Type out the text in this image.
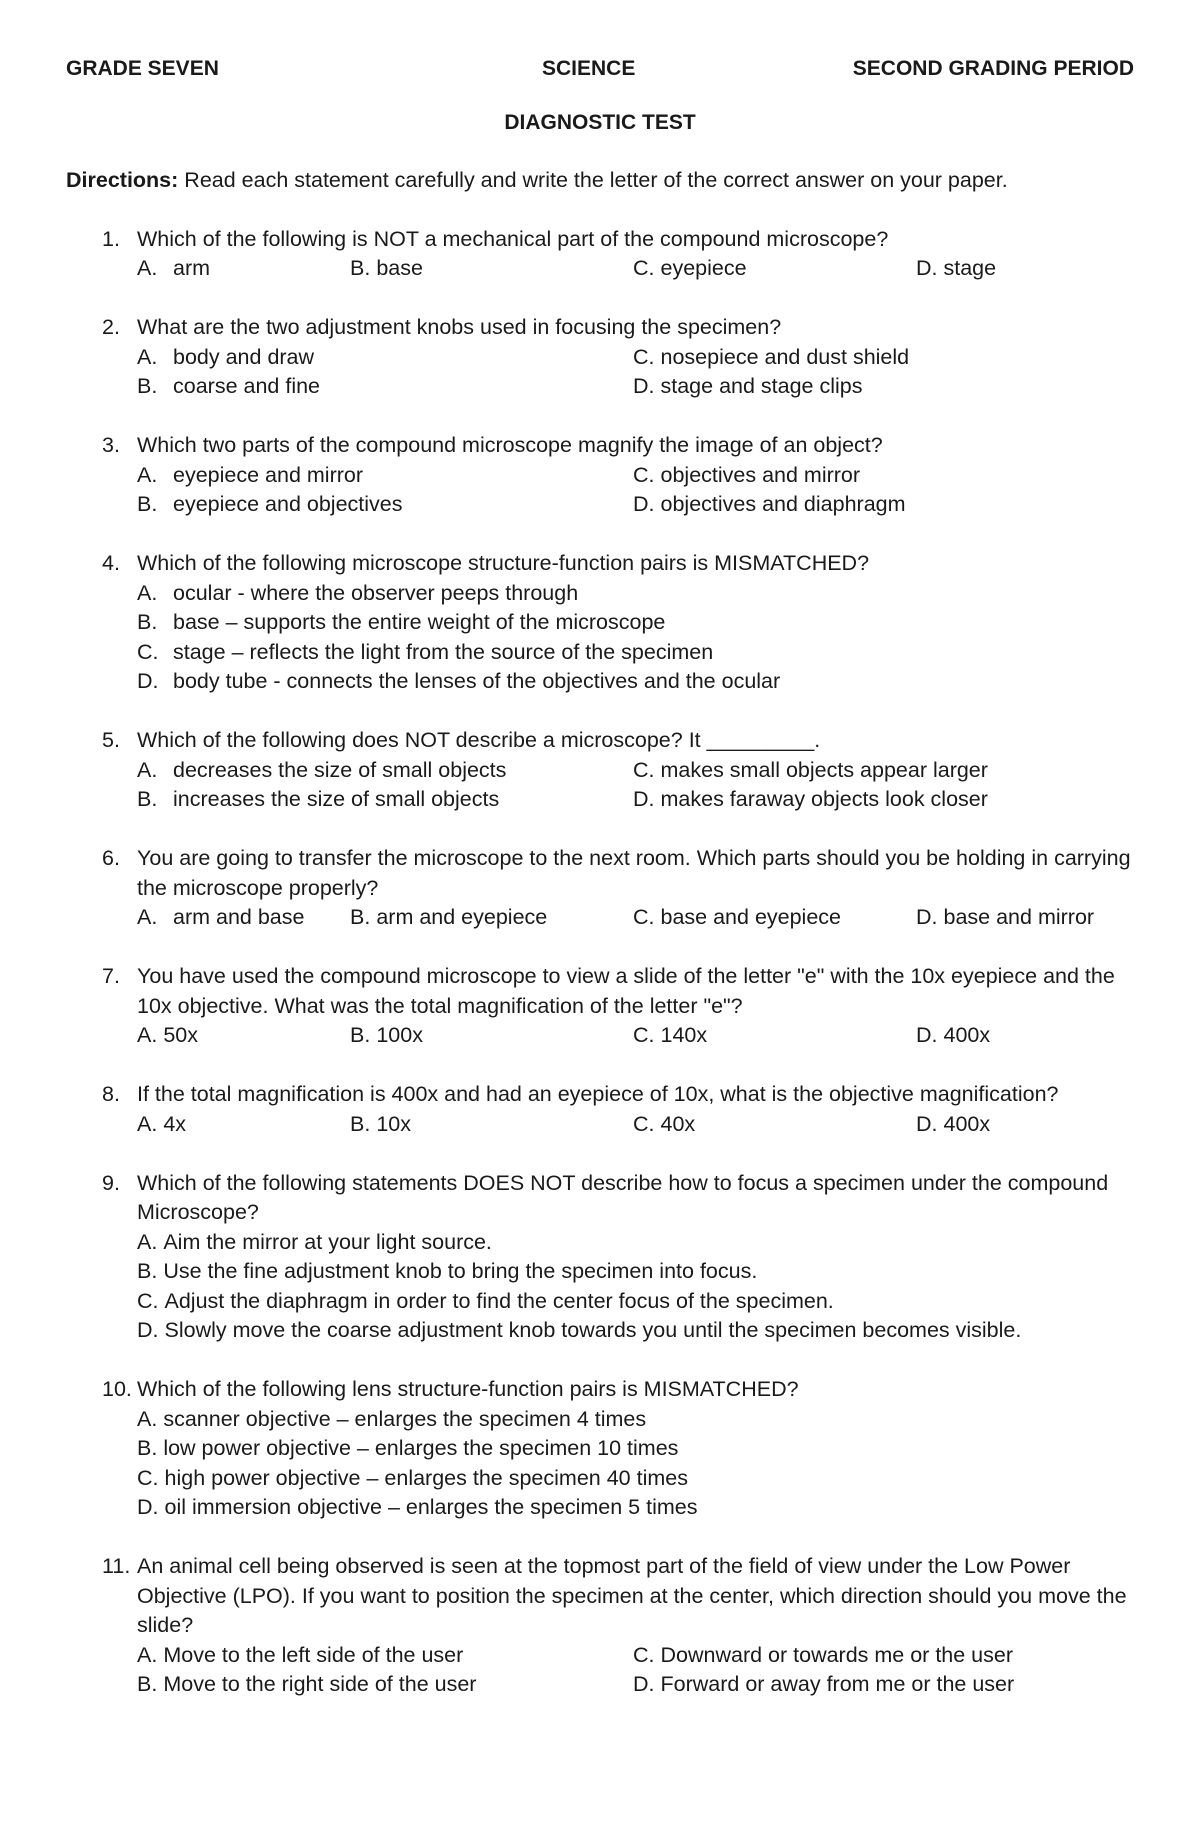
GRADE SEVEN	SCIENCE	SECOND GRADING PERIOD
DIAGNOSTIC TEST
Directions: Read each statement carefully and write the letter of the correct answer on your paper.
1. Which of the following is NOT a mechanical part of the compound microscope?
A. arm	B. base	C. eyepiece	D. stage
2. What are the two adjustment knobs used in focusing the specimen?
A. body and draw	C. nosepiece and dust shield
B. coarse and fine	D. stage and stage clips
3. Which two parts of the compound microscope magnify the image of an object?
A. eyepiece and mirror	C. objectives and mirror
B. eyepiece and objectives	D. objectives and diaphragm
4. Which of the following microscope structure-function pairs is MISMATCHED?
A. ocular - where the observer peeps through
B. base – supports the entire weight of the microscope
C. stage – reflects the light from the source of the specimen
D. body tube - connects the lenses of the objectives and the ocular
5. Which of the following does NOT describe a microscope? It _________.
A. decreases the size of small objects	C. makes small objects appear larger
B. increases the size of small objects	D. makes faraway objects look closer
6. You are going to transfer the microscope to the next room. Which parts should you be holding in carrying the microscope properly?
A. arm and base	B. arm and eyepiece	C. base and eyepiece	D. base and mirror
7. You have used the compound microscope to view a slide of the letter "e" with the 10x eyepiece and the 10x objective. What was the total magnification of the letter "e"?
A. 50x	B. 100x	C. 140x	D. 400x
8. If the total magnification is 400x and had an eyepiece of 10x, what is the objective magnification?
A. 4x	B. 10x	C. 40x	D. 400x
9. Which of the following statements DOES NOT describe how to focus a specimen under the compound Microscope?
A. Aim the mirror at your light source.
B. Use the fine adjustment knob to bring the specimen into focus.
C. Adjust the diaphragm in order to find the center focus of the specimen.
D. Slowly move the coarse adjustment knob towards you until the specimen becomes visible.
10. Which of the following lens structure-function pairs is MISMATCHED?
A. scanner objective – enlarges the specimen 4 times
B. low power objective – enlarges the specimen 10 times
C. high power objective – enlarges the specimen 40 times
D. oil immersion objective – enlarges the specimen 5 times
11. An animal cell being observed is seen at the topmost part of the field of view under the Low Power Objective (LPO). If you want to position the specimen at the center, which direction should you move the slide?
A. Move to the left side of the user	C. Downward or towards me or the user
B. Move to the right side of the user	D. Forward or away from me or the user
